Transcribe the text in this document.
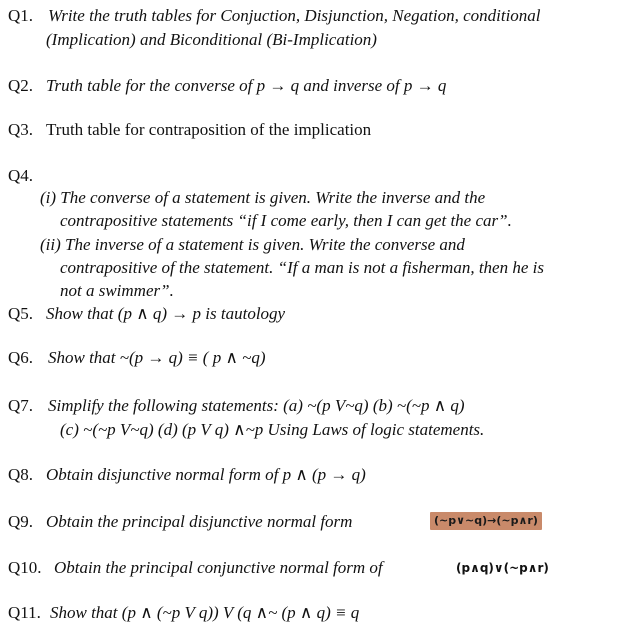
Q1. Write the truth tables for Conjuction, Disjunction, Negation, conditional
(Implication) and Biconditional (Bi-Implication)
Q2. Truth table for the converse of p → q and inverse of p → q
Q3. Truth table for contraposition of the implication
Q4.
(i) The converse of a statement is given. Write the inverse and the
contrapositive statements “if I come early, then I can get the car”.
(ii) The inverse of a statement is given. Write the converse and
contrapositive of the statement. “If a man is not a fisherman, then he is
not a swimmer”.
Q5. Show that (p ∧ q) → p is tautology
Q6. Show that ~(p → q) ≡ ( p ∧ ~q)
Q7. Simplify the following statements: (a) ~(p V~q) (b) ~(~p ∧ q)
(c) ~(~p V~q) (d) (p V q) ∧~p Using Laws of logic statements.
Q8. Obtain disjunctive normal form of p ∧ (p → q)
Q9. Obtain the principal disjunctive normal form	(~p∨~q)→(~p∧r)
Q10. Obtain the principal conjunctive normal form of	(p∧q)∨(~p∧r)
Q11. Show that (p ∧ (~p V q)) V (q ∧~ (p ∧ q) ≡ q
